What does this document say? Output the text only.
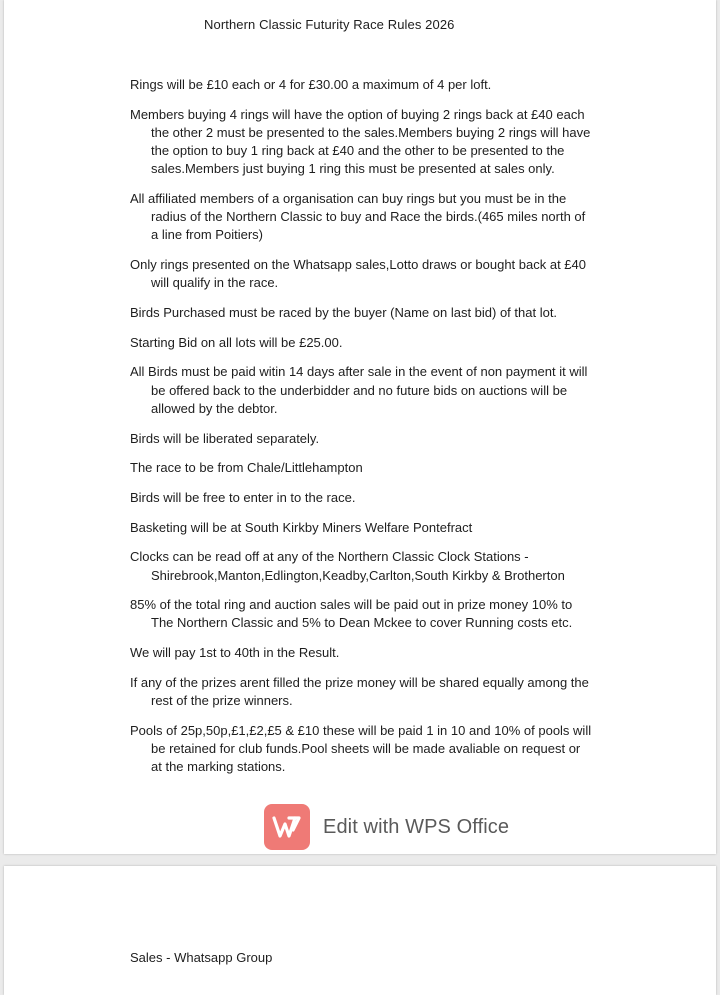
Northern Classic Futurity Race Rules 2026

Rings will be £10 each or 4 for £30.00 a maximum of 4 per loft.

Members buying 4 rings will have the option of buying 2 rings back at £40 each
the other 2 must be presented to the sales.Members buying 2 rings will have
the option to buy 1 ring back at £40 and the other to be presented to the
sales.Members just buying 1 ring this must be presented at sales only.

All affiliated members of a organisation can buy rings but you must be in the
radius of the Northern Classic to buy and Race the birds.(465 miles north of
a line from Poitiers)

Only rings presented on the Whatsapp sales,Lotto draws or bought back at £40
will qualify in the race.

Birds Purchased must be raced by the buyer (Name on last bid) of that lot.

Starting Bid on all lots will be £25.00.

All Birds must be paid witin 14 days after sale in the event of non payment it will
be offered back to the underbidder and no future bids on auctions will be
allowed by the debtor.

Birds will be liberated separately.

The race to be from Chale/Littlehampton

Birds will be free to enter in to the race.

Basketing will be at South Kirkby Miners Welfare Pontefract

Clocks can be read off at any of the Northern Classic Clock Stations -
Shirebrook,Manton,Edlington,Keadby,Carlton,South Kirkby & Brotherton

85% of the total ring and auction sales will be paid out in prize money 10% to
The Northern Classic and 5% to Dean Mckee to cover Running costs etc.

We will pay 1st to 40th in the Result.

If any of the prizes arent filled the prize money will be shared equally among the
rest of the prize winners.

Pools of 25p,50p,£1,£2,£5 & £10 these will be paid 1 in 10 and 10% of pools will
be retained for club funds.Pool sheets will be made avaliable on request or
at the marking stations.

Edit with WPS Office
Sales - Whatsapp Group
